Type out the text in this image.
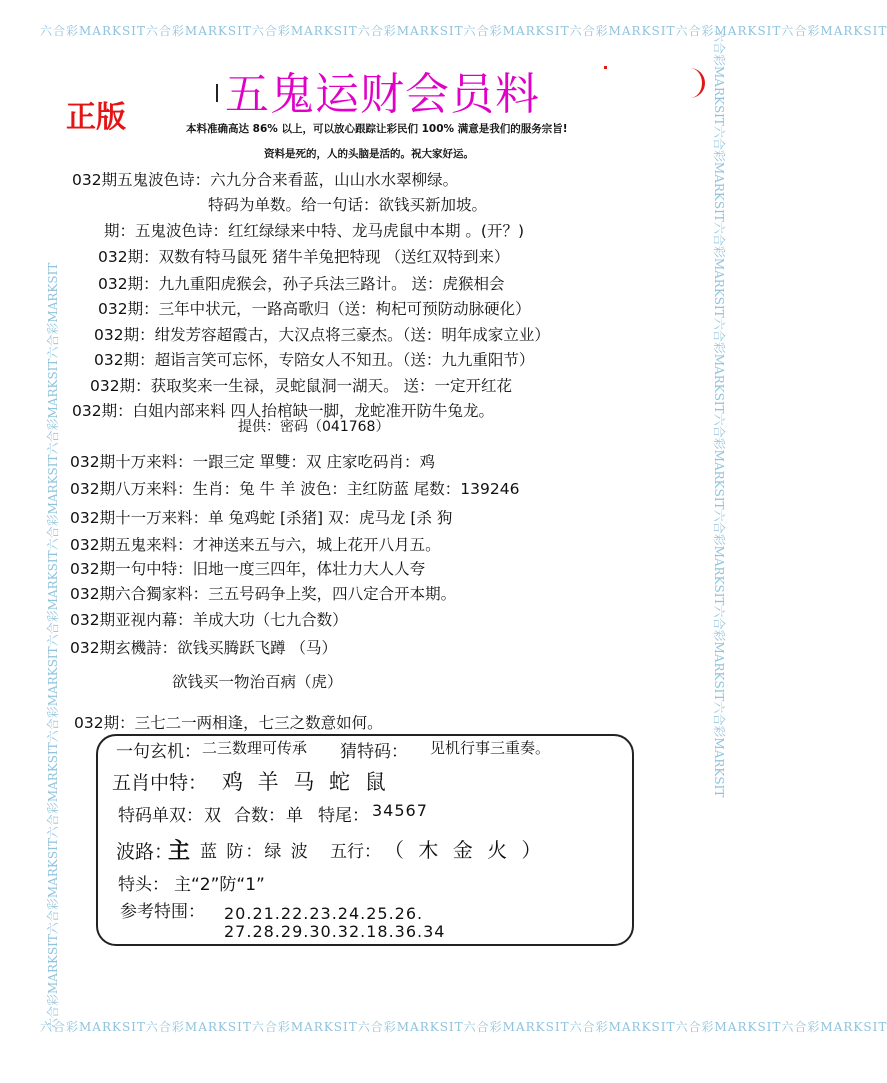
六合彩MARKSIT六合彩MARKSIT六合彩MARKSIT六合彩MARKSIT六合彩MARKSIT六合彩MARKSIT六合彩MARKSIT六合彩MARKSIT
六合彩MARKSIT六合彩MARKSIT六合彩MARKSIT六合彩MARKSIT六合彩MARKSIT六合彩MARKSIT六合彩MARKSIT六合彩MARKSIT
六合彩MARKSIT六合彩MARKSIT六合彩MARKSIT六合彩MARKSIT六合彩MARKSIT六合彩MARKSIT六合彩MARKSIT六合彩MARKSIT	六合彩MARKSIT六合彩MARKSIT六合彩MARKSIT六合彩MARKSIT六合彩MARKSIT六合彩MARKSIT六合彩MARKSIT六合彩MARKSIT
五鬼运财会员料
正版	本料准确高达 86% 以上，可以放心跟踪让彩民们 100% 满意是我们的服务宗旨!
资料是死的，人的头脑是活的。祝大家好运。
032期五鬼波色诗：六九分合来看蓝，山山水水翠柳绿。
特码为单数。给一句话：欲钱买新加坡。
期：五鬼波色诗：红红绿绿来中特、龙马虎鼠中本期 。(开？)
032期：双数有特马鼠死 猪牛羊兔把特现 （送红双特到来）
032期：九九重阳虎猴会，孙子兵法三路计。 送：虎猴相会
032期：三年中状元，一路高歌归（送：枸杞可预防动脉硬化）
032期：绀发芳容超霞古，大汉点将三豪杰。（送：明年成家立业）
032期：超诣言笑可忘怀，专陪女人不知丑。（送：九九重阳节）
032期：获取奖来一生禄，灵蛇鼠洞一湖天。 送：一定开红花
032期：白姐内部来料 四人抬棺缺一脚，龙蛇准开防牛兔龙。
提供：密码（041768）
032期十万来料：一跟三定 單雙：双 庄家吃码肖：鸡
032期八万来料：生肖：兔 牛 羊 波色：主红防蓝 尾数：139246
032期十一万来料：单 兔鸡蛇 [杀猪] 双：虎马龙 [杀 狗
032期五鬼来料：才神送来五与六，城上花开八月五。
032期一句中特：旧地一度三四年，体壮力大人人夸
032期六合獨家料：三五号码争上奖，四八定合开本期。
032期亚视内幕：羊成大功（七九合数）
032期玄機詩：欲钱买腾跃飞蹲 （马）
欲钱买一物治百病（虎）
032期：三七二一两相逢，七三之数意如何。
一句玄机： 二三数理可传承 猜特码： 见机行事三重奏。
五肖中特： 鸡 羊 马 蛇 鼠
特码单双： 双 合数： 单 特尾： 34567
波路：
主 蓝 防：绿 波 五行： （ 木 金 火 ）
特头： 主“2”防“1”
参考特围： 20.21.22.23.24.25.26.
27.28.29.30.32.18.36.34
